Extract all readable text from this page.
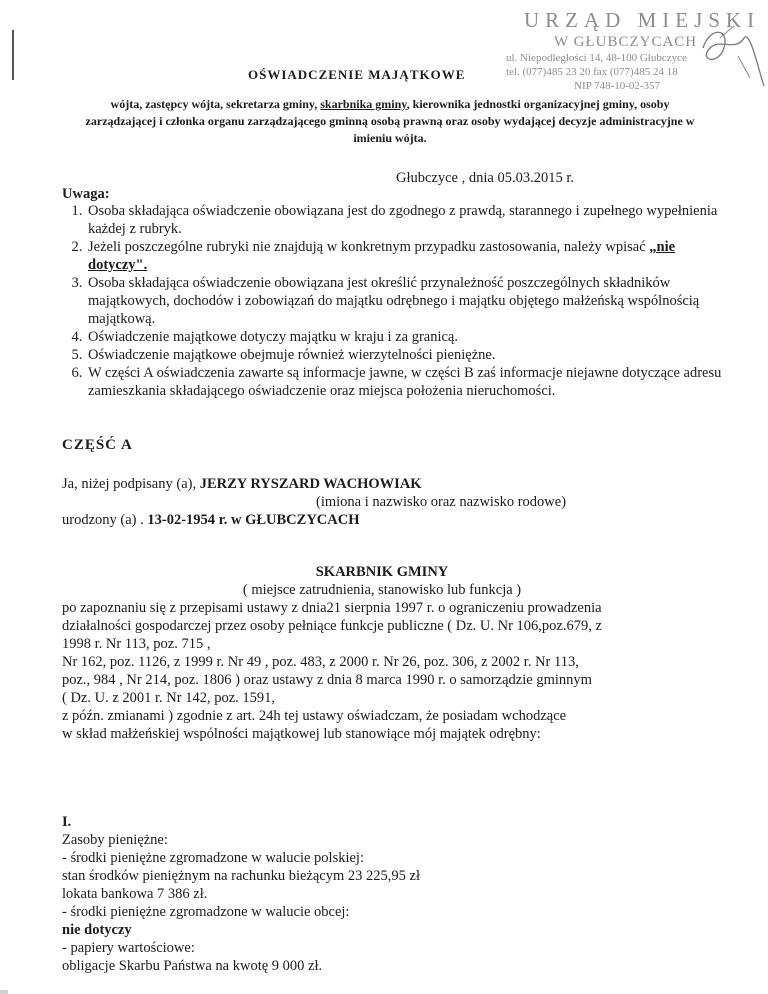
URZĄD MIEJSKI
W GŁUBCZYCACH
ul. Niepodległości 14, 48-100 Głubczyce
tel. (077)485 23 20 fax (077)485 24 18
NIP 748-10-02-357
OŚWIADCZENIE MAJĄTKOWE
wójta, zastępcy wójta, sekretarza gminy, skarbnika gminy, kierownika jednostki organizacyjnej gminy, osoby zarządzającej i członka organu zarządzającego gminną osobą prawną oraz osoby wydającej decyzje administracyjne w imieniu wójta.
Głubczyce , dnia 05.03.2015 r.
Uwaga:
1. Osoba składająca oświadczenie obowiązana jest do zgodnego z prawdą, starannego i zupełnego wypełnienia każdej z rubryk.
2. Jeżeli poszczególne rubryki nie znajdują w konkretnym przypadku zastosowania, należy wpisać „nie dotyczy".
3. Osoba składająca oświadczenie obowiązana jest określić przynależność poszczególnych składników majątkowych, dochodów i zobowiązań do majątku odrębnego i majątku objętego małżeńską wspólnością majątkową.
4. Oświadczenie majątkowe dotyczy majątku w kraju i za granicą.
5. Oświadczenie majątkowe obejmuje również wierzytelności pieniężne.
6. W części A oświadczenia zawarte są informacje jawne, w części B zaś informacje niejawne dotyczące adresu zamieszkania składającego oświadczenie oraz miejsca położenia nieruchomości.
CZĘŚĆ A
Ja, niżej podpisany (a), JERZY RYSZARD WACHOWIAK
(imiona i nazwisko oraz nazwisko rodowe)
urodzony (a) . 13-02-1954 r. w GŁUBCZYCACH
SKARBNIK GMINY
( miejsce zatrudnienia, stanowisko lub funkcja )
po zapoznaniu się z przepisami ustawy z dnia21 sierpnia 1997 r. o ograniczeniu prowadzenia
działalności gospodarczej przez osoby pełniące funkcje publiczne ( Dz. U. Nr 106,poz.679, z
1998 r. Nr 113, poz. 715 ,
Nr 162, poz. 1126, z 1999 r. Nr 49 , poz. 483, z 2000 r. Nr 26, poz. 306, z 2002 r. Nr 113,
poz., 984 , Nr 214, poz. 1806 ) oraz ustawy z dnia 8 marca 1990 r. o samorządzie gminnym
( Dz. U. z 2001 r. Nr 142, poz. 1591,
z późn. zmianami ) zgodnie z art. 24h tej ustawy oświadczam, że posiadam wchodzące
w skład małżeńskiej wspólności majątkowej lub stanowiące mój majątek odrębny:
I.
Zasoby pieniężne:
- środki pieniężne zgromadzone w walucie polskiej:
stan środków pieniężnym na rachunku bieżącym 23 225,95 zł
lokata bankowa 7 386 zł.
- środki pieniężne zgromadzone w walucie obcej:
nie dotyczy
- papiery wartościowe:
obligacje Skarbu Państwa na kwotę 9 000 zł.
